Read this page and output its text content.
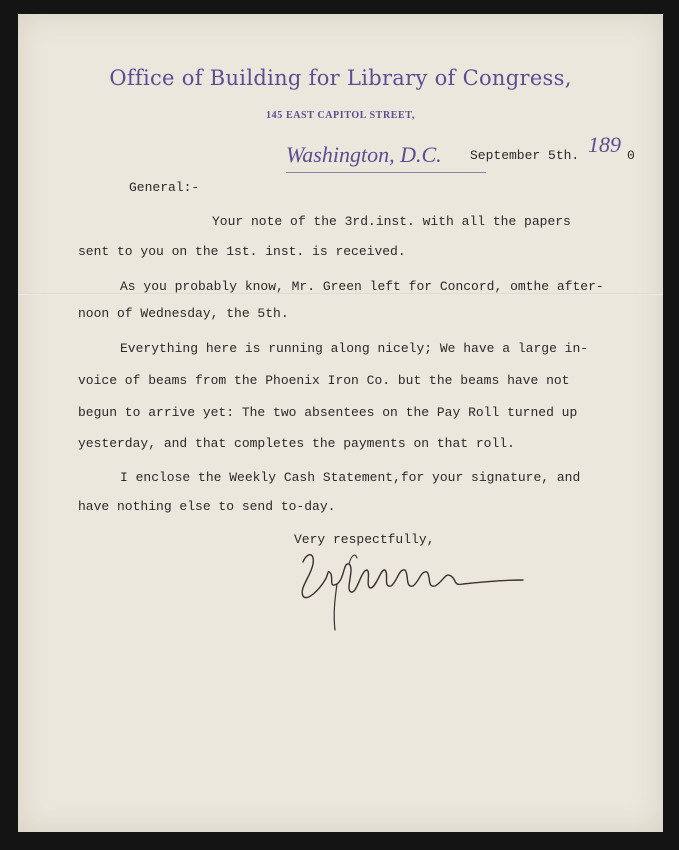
Office of Building for Library of Congress,
145 EAST CAPITOL STREET,
Washington, D.C. September 5th. 189 0
General:-
Your note of the 3rd.inst. with all the papers
sent to you on the 1st. inst. is received.
As you probably know, Mr. Green left for Concord, omthe after-
noon of Wednesday, the 5th.
Everything here is running along nicely; We have a large in-
voice of beams from the Phoenix Iron Co. but the beams have not
begun to arrive yet: The two absentees on the Pay Roll turned up
yesterday, and that completes the payments on that roll.
I enclose the Weekly Cash Statement,for your signature, and
have nothing else to send to-day.
Very respectfully,
